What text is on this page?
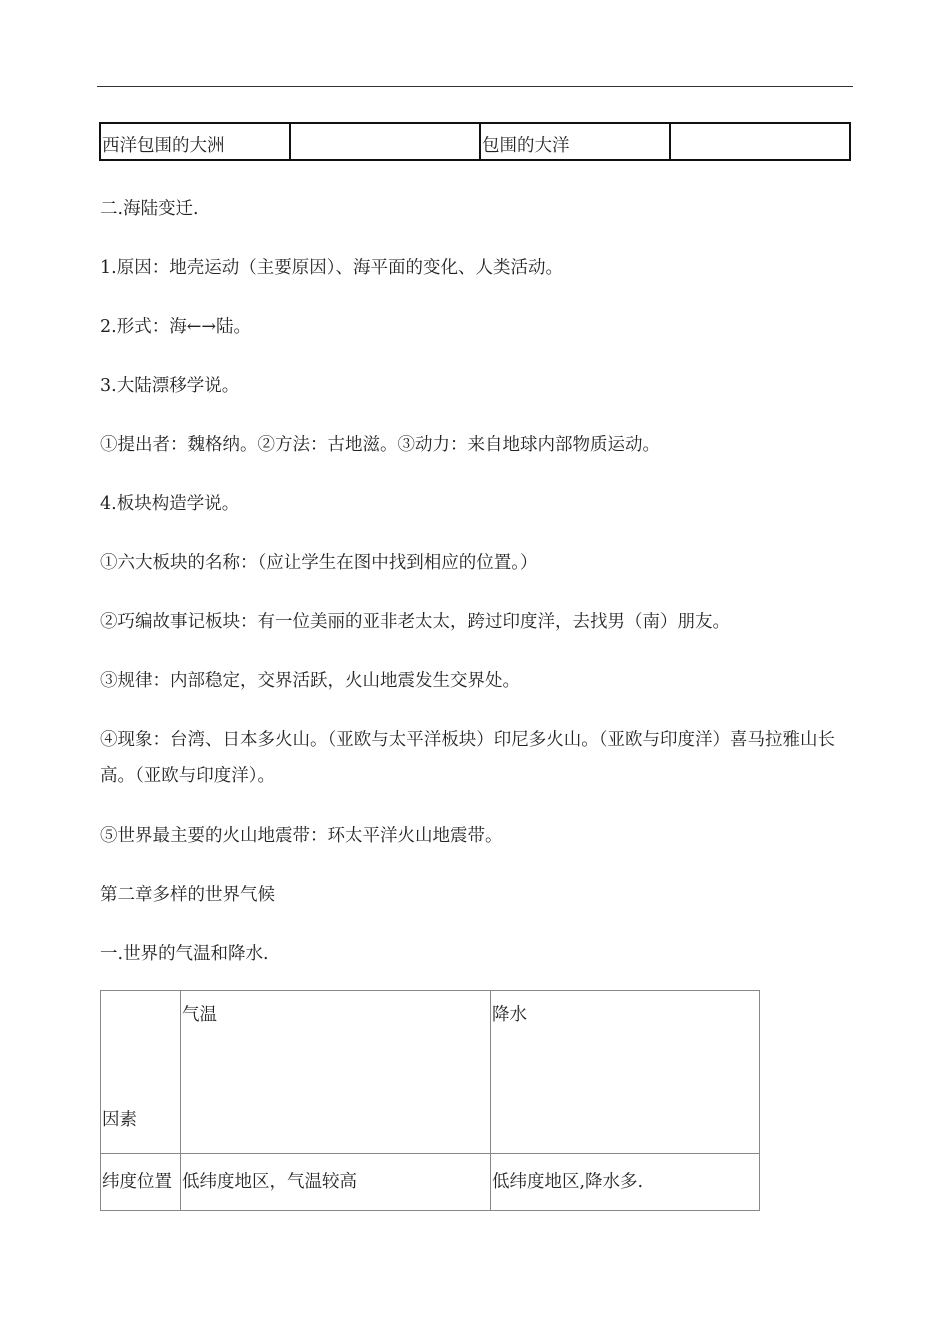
西洋包围的大洲		包围的大洋	
二.海陆变迁.
1.原因：地壳运动（主要原因）、海平面的变化、人类活动。
2.形式：海←→陆。
3.大陆漂移学说。
①提出者：魏格纳。②方法：古地滋。③动力：来自地球内部物质运动。
4.板块构造学说。
①六大板块的名称：（应让学生在图中找到相应的位置。）
②巧编故事记板块：有一位美丽的亚非老太太，跨过印度洋，去找男（南）朋友。
③规律：内部稳定，交界活跃，火山地震发生交界处。
④现象：台湾、日本多火山。（亚欧与太平洋板块）印尼多火山。（亚欧与印度洋）喜马拉雅山长高。（亚欧与印度洋）。
⑤世界最主要的火山地震带：环太平洋火山地震带。
第二章多样的世界气候
一.世界的气温和降水.
因素	气温	降水
纬度位置	低纬度地区，气温较高	低纬度地区,降水多.
